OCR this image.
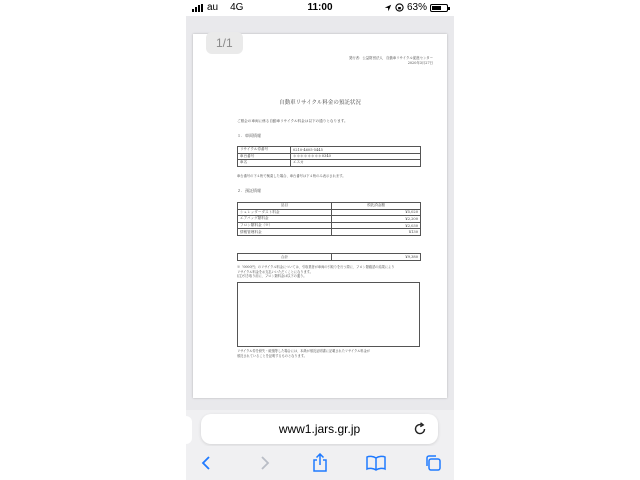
au 4G	11:00	63%
発行者：公益財団法人　自動車リサイクル促進センター
2020年3月27日
自動車リサイクル料金の預託状況
ご照会の車両に係る自動車リサイクル料金は以下の通りとなります。
１．車両情報
リサイクル券番号	0210-4605-5445
車台番号	＊＊＊＊＊＊＊＊0340
車名	エスカ
車台番号の下４桁で検索した場合、車台番号は下４桁のみ表示されます。
２．預託情報
品目	預託済金額
シュレッダーダスト料金	¥5,020
エアバッグ類料金	¥2,200
フロン類料金（※）	¥2,030
情報管理料金	¥130
合計	¥9,380
※「0000円」のリサイクル料金については、引取業者が車両の引取りを行う際に、フロン類確認の結果により
リサイクル料金をお支払いいただくことになります。
(注)引き取り前に、フロン類料金は以下の通り。
リサイクル券を紛失・破損等した場合には、本紙が預託証明書に記載されたリサイクル料金が
預託されていることを証明するものとなります。
1/1
www1.jars.gr.jp
